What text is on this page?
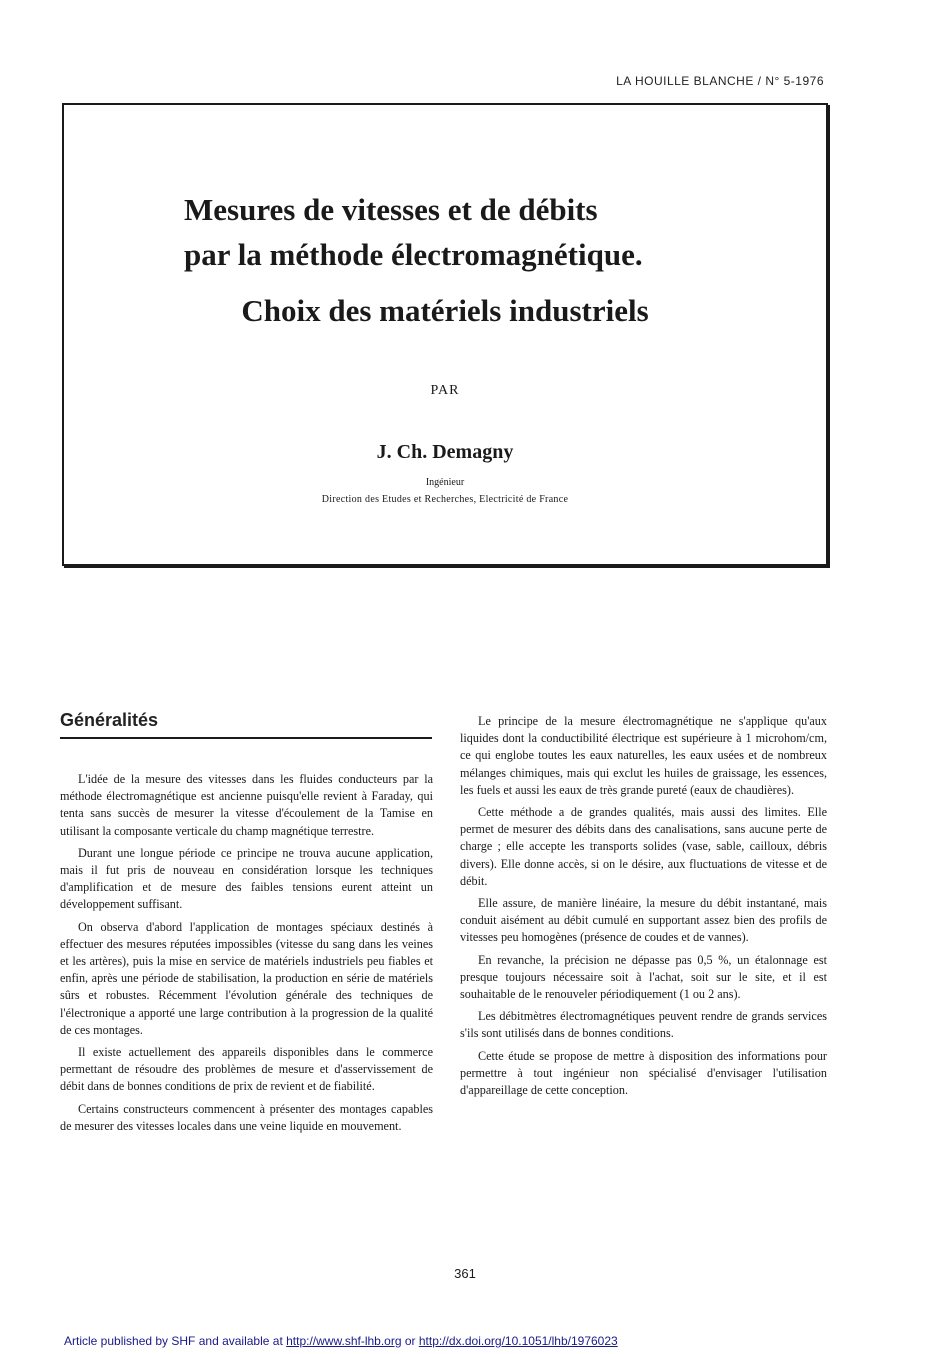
LA HOUILLE BLANCHE / N° 5-1976
Mesures de vitesses et de débits
par la méthode électromagnétique.
Choix des matériels industriels
PAR
J. Ch. Demagny
Ingénieur
Direction des Etudes et Recherches, Electricité de France
Généralités

L'idée de la mesure des vitesses dans les fluides conducteurs par la méthode électromagnétique est ancienne puisqu'elle revient à Faraday, qui tenta sans succès de mesurer la vitesse d'écoulement de la Tamise en utilisant la composante verticale du champ magnétique terrestre.

Durant une longue période ce principe ne trouva aucune application, mais il fut pris de nouveau en considération lorsque les techniques d'amplification et de mesure des faibles tensions eurent atteint un développement suffisant.

On observa d'abord l'application de montages spéciaux destinés à effectuer des mesures réputées impossibles (vitesse du sang dans les veines et les artères), puis la mise en service de matériels industriels peu fiables et enfin, après une période de stabilisation, la production en série de matériels sûrs et robustes. Récemment l'évolution générale des techniques de l'électronique a apporté une large contribution à la progression de la qualité de ces montages.

Il existe actuellement des appareils disponibles dans le commerce permettant de résoudre des problèmes de mesure et d'asservissement de débit dans de bonnes conditions de prix de revient et de fiabilité.

Certains constructeurs commencent à présenter des montages capables de mesurer des vitesses locales dans une veine liquide en mouvement.

Le principe de la mesure électromagnétique ne s'applique qu'aux liquides dont la conductibilité électrique est supérieure à 1 microhom/cm, ce qui englobe toutes les eaux naturelles, les eaux usées et de nombreux mélanges chimiques, mais qui exclut les huiles de graissage, les essences, les fuels et aussi les eaux de très grande pureté (eaux de chaudières).

Cette méthode a de grandes qualités, mais aussi des limites. Elle permet de mesurer des débits dans des canalisations, sans aucune perte de charge ; elle accepte les transports solides (vase, sable, cailloux, débris divers). Elle donne accès, si on le désire, aux fluctuations de vitesse et de débit.

Elle assure, de manière linéaire, la mesure du débit instantané, mais conduit aisément au débit cumulé en supportant assez bien des profils de vitesses peu homogènes (présence de coudes et de vannes).

En revanche, la précision ne dépasse pas 0,5 %, un étalonnage est presque toujours nécessaire soit à l'achat, soit sur le site, et il est souhaitable de le renouveler périodiquement (1 ou 2 ans).

Les débitmètres électromagnétiques peuvent rendre de grands services s'ils sont utilisés dans de bonnes conditions.

Cette étude se propose de mettre à disposition des informations pour permettre à tout ingénieur non spécialisé d'envisager l'utilisation d'appareillage de cette conception.

361
Article published by SHF and available at http://www.shf-lhb.org or http://dx.doi.org/10.1051/lhb/1976023
